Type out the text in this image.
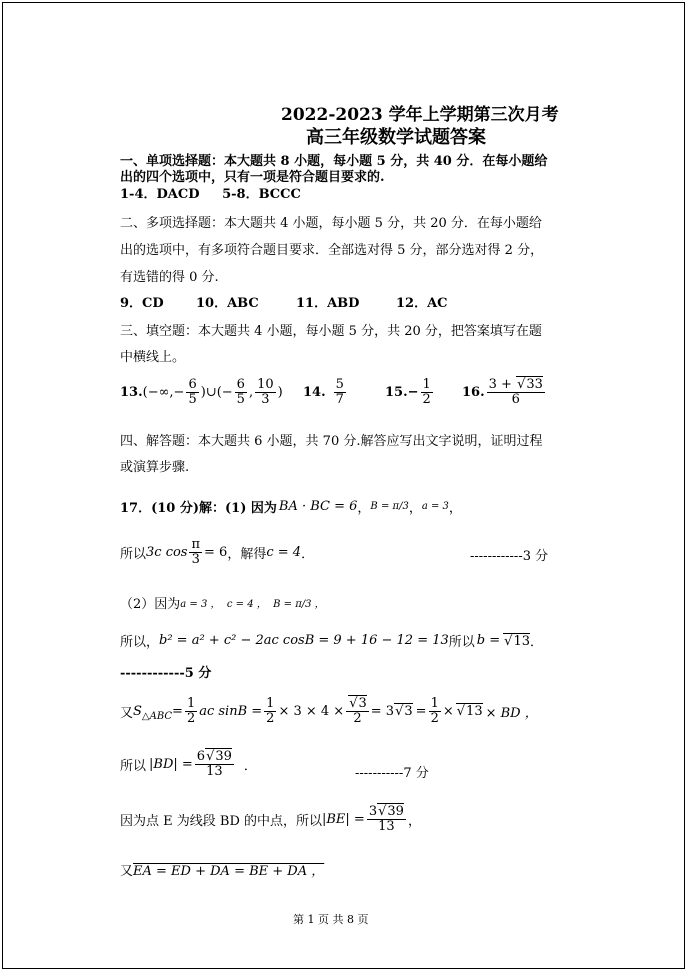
2022-2023 学年上学期第三次月考
高三年级数学试题答案
一、单项选择题：本大题共 8 小题，每小题 5 分，共 40 分．在每小题给
出的四个选项中，只有一项是符合题目要求的.
1-4．DACD     5-8．BCCC
二、多项选择题：本大题共 4 小题，每小题 5 分，共 20 分．在每小题给
出的选项中，有多项符合题目要求．全部选对得 5 分，部分选对得 2 分，
有选错的得 0 分.
9．CD 10．ABC	11．ABD	12．AC
三、填空题：本大题共 4 小题，每小题 5 分，共 20 分，把答案填写在题
中横线上。
13. (−∞,− $\frac{6}{5}$ )∪(− $\frac{6}{5}$ , $\frac{10}{3}$ ) 14. $\frac{5}{7}$	$15.- \frac{1}{2} 16$. $\frac{3 + √ 33}{6}$
四、解答题：本大题共 6 小题，共 70 分.解答应写出文字说明，证明过程
或演算步骤.
17．(10 分)解：(1) 因为 BA · BC = 6 ， B = π/3 ， a = 3 ，
所以 3c $\cos \frac{\pi}{3} = 6$ ，解得 c = 4 ．	------------3 分
（2）因为 a = 3 ，  c = 4 ，  B = π/3 ，
所以， b² = a² + c² − 2ac cosB = 9 + 16 − 12 = 13 所以 b =	√ 13 ．
------------5 分
又 S △ABC = $\frac{1}{2}$ ac $\sin B = \frac{1}{2} \times 3 \times 4$ × √ $\frac{3}{2} = 3$ √ $3 = \frac{1}{2}$ × √ 13 × BD ，
所以 $|BD| = \frac{6 √ 39}{13}$ ．	-----------7 分
因为点 E 为线段 BD 的中点，所以 $|BE| = \frac{3 √ 39}{13}$ ，
又 EA = ED + DA = BE + DA ，
第 1 页 共 8 页
